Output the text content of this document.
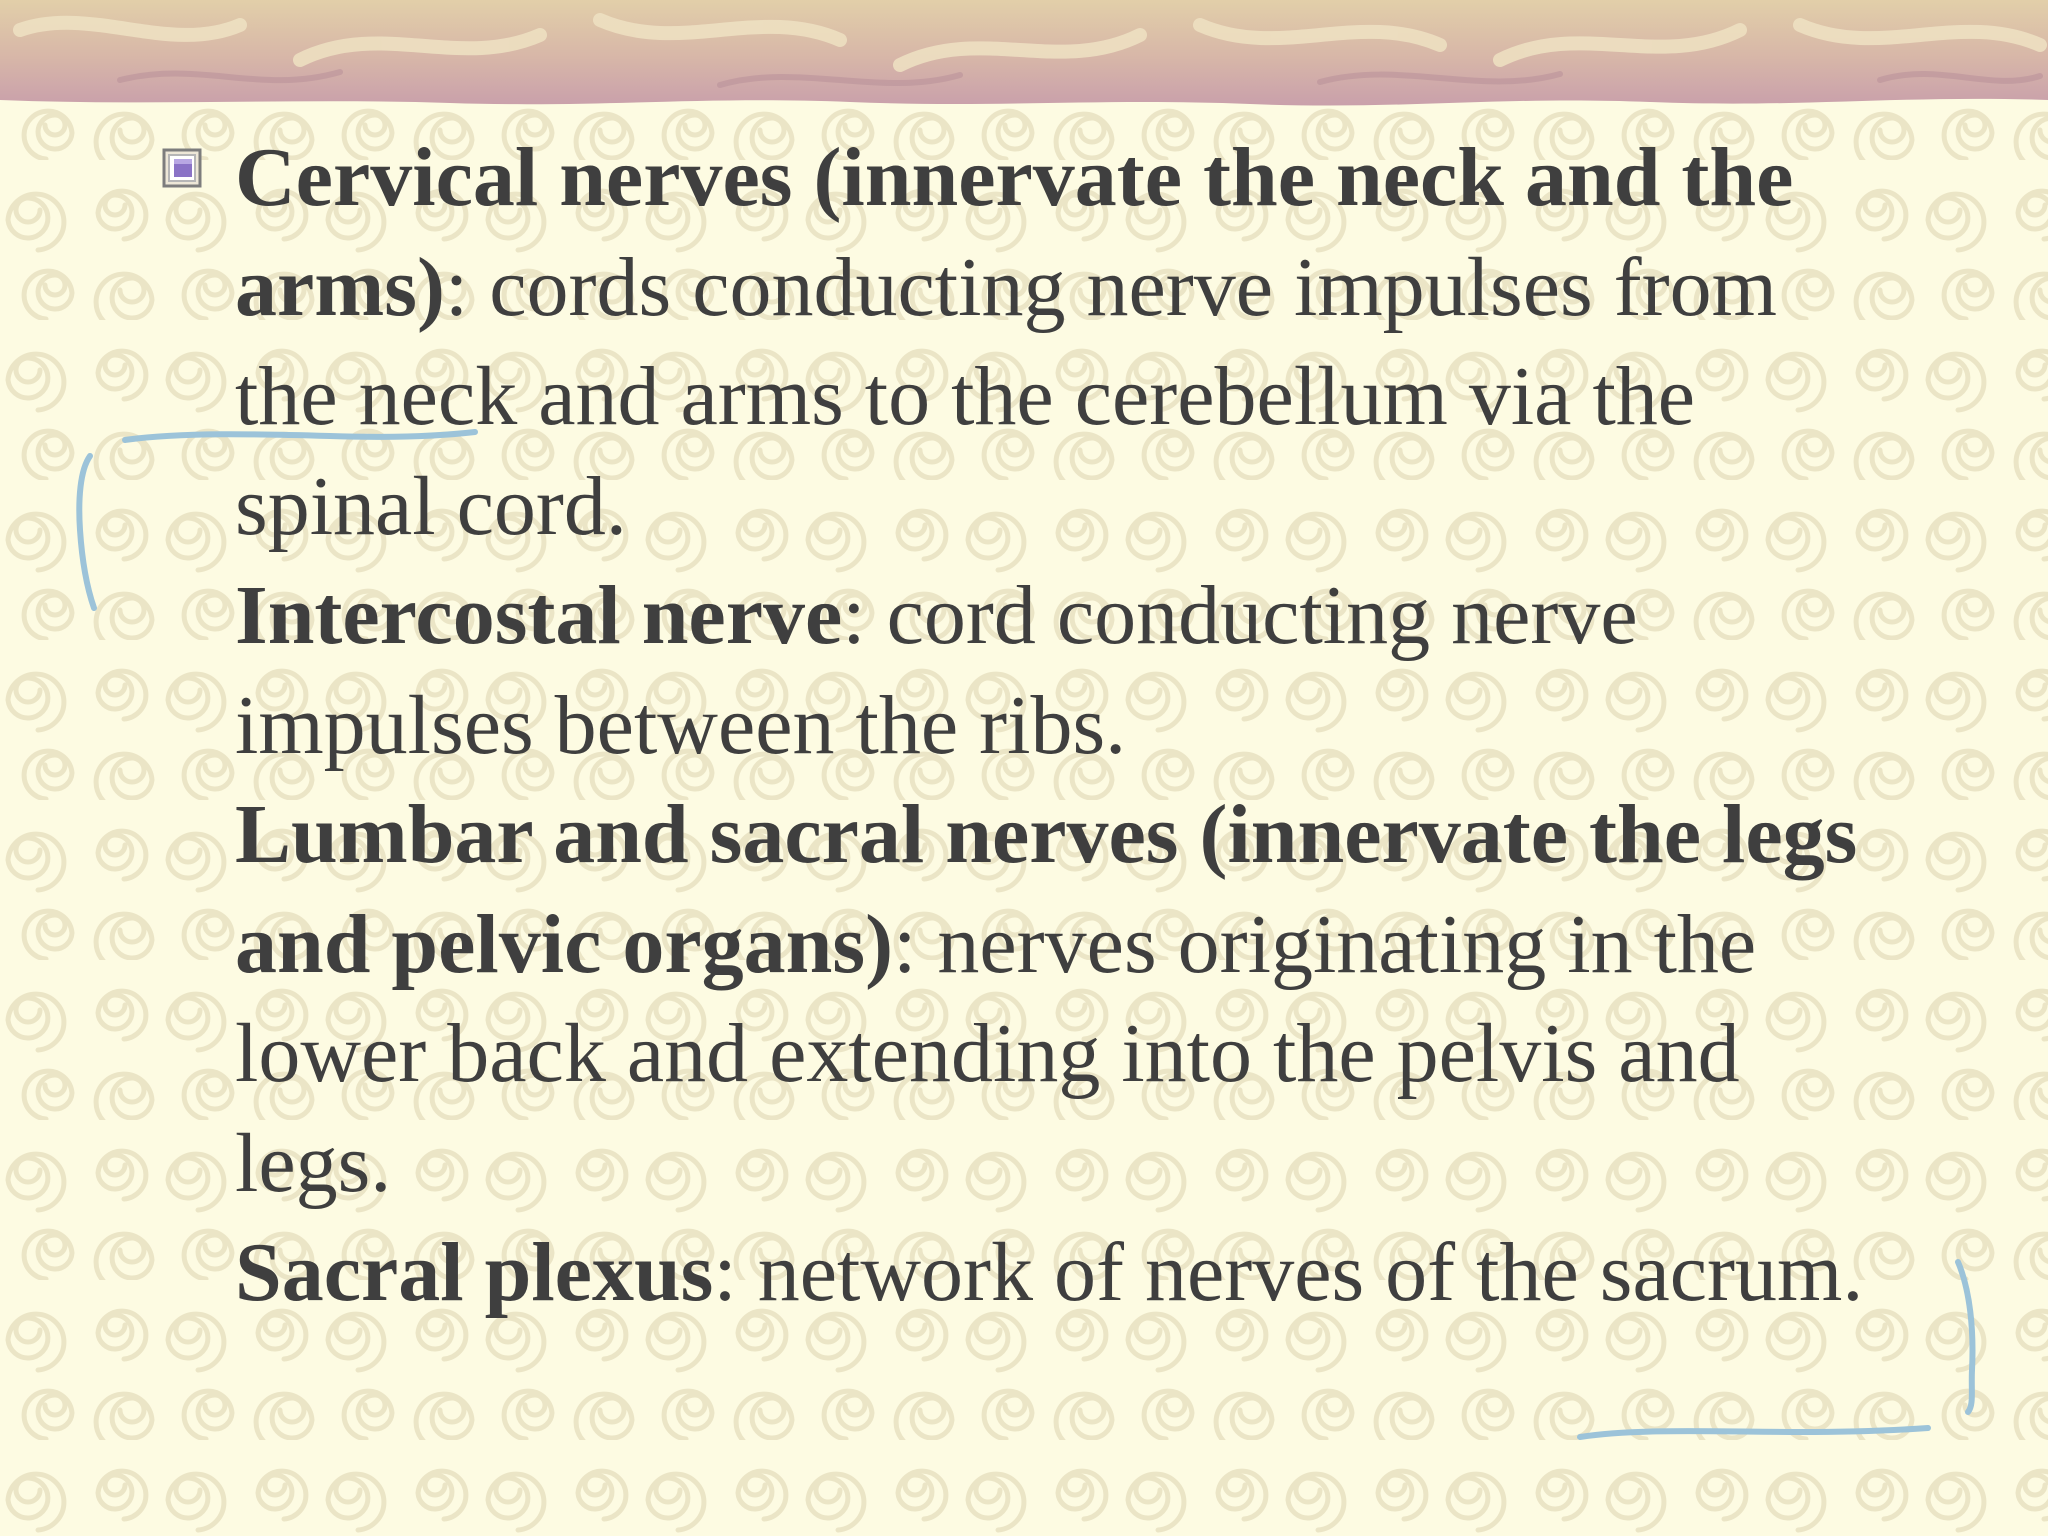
Cervical nerves (innervate the neck and the arms): cords conducting nerve impulses from the neck and arms to the cerebellum via the spinal cord.

Intercostal nerve: cord conducting nerve impulses between the ribs.

Lumbar and sacral nerves (innervate the legs and pelvic organs): nerves originating in the lower back and extending into the pelvis and legs.

Sacral plexus: network of nerves of the sacrum.
